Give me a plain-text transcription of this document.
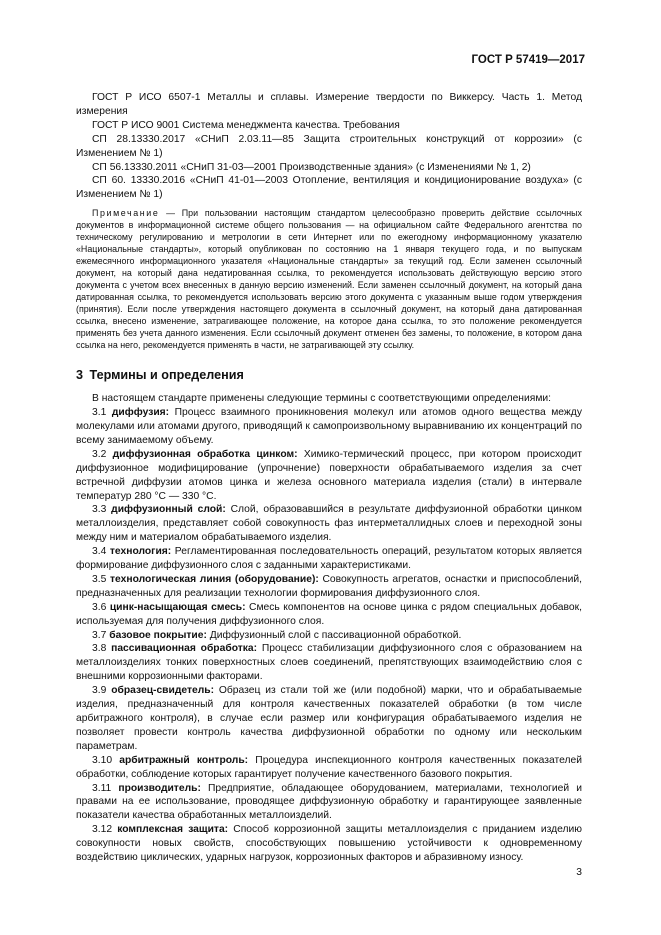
ГОСТ Р 57419—2017

ГОСТ Р ИСО 6507-1 Металлы и сплавы. Измерение твердости по Виккерсу. Часть 1. Метод измерения

ГОСТ Р ИСО 9001 Система менеджмента качества. Требования

СП 28.13330.2017 «СНиП 2.03.11—85 Защита строительных конструкций от коррозии» (с Изменением № 1)

СП 56.13330.2011 «СНиП 31-03—2001 Производственные здания» (с Изменениями № 1, 2)

СП 60. 13330.2016 «СНиП 41-01—2003 Отопление, вентиляция и кондиционирование воздуха» (с Изменением № 1)

Примечание — При пользовании настоящим стандартом целесообразно проверить действие ссылочных документов в информационной системе общего пользования — на официальном сайте Федерального агентства по техническому регулированию и метрологии в сети Интернет или по ежегодному информационному указателю «Национальные стандарты», который опубликован по состоянию на 1 января текущего года, и по выпускам ежемесячного информационного указателя «Национальные стандарты» за текущий год. Если заменен ссылочный документ, на который дана недатированная ссылка, то рекомендуется использовать действующую версию этого документа с учетом всех внесенных в данную версию изменений. Если заменен ссылочный документ, на который дана датированная ссылка, то рекомендуется использовать версию этого документа с указанным выше годом утверждения (принятия). Если после утверждения настоящего документа в ссылочный документ, на который дана датированная ссылка, внесено изменение, затрагивающее положение, на которое дана ссылка, то это положение рекомендуется применять без учета данного изменения. Если ссылочный документ отменен без замены, то положение, в котором дана ссылка на него, рекомендуется применять в части, не затрагивающей эту ссылку.

3 Термины и определения

В настоящем стандарте применены следующие термины с соответствующими определениями:

3.1 диффузия: Процесс взаимного проникновения молекул или атомов одного вещества между молекулами или атомами другого, приводящий к самопроизвольному выравниванию их концентраций по всему занимаемому объему.

3.2 диффузионная обработка цинком: Химико-термический процесс, при котором происходит диффузионное модифицирование (упрочнение) поверхности обрабатываемого изделия за счет встречной диффузии атомов цинка и железа основного материала изделия (стали) в интервале температур 280 °С — 330 °С.

3.3 диффузионный слой: Слой, образовавшийся в результате диффузионной обработки цинком металлоизделия, представляет собой совокупность фаз интерметаллидных слоев и переходной зоны между ним и материалом обрабатываемого изделия.

3.4 технология: Регламентированная последовательность операций, результатом которых является формирование диффузионного слоя с заданными характеристиками.

3.5 технологическая линия (оборудование): Совокупность агрегатов, оснастки и приспособлений, предназначенных для реализации технологии формирования диффузионного слоя.

3.6 цинк-насыщающая смесь: Смесь компонентов на основе цинка с рядом специальных добавок, используемая для получения диффузионного слоя.

3.7 базовое покрытие: Диффузионный слой с пассивационной обработкой.

3.8 пассивационная обработка: Процесс стабилизации диффузионного слоя с образованием на металлоизделиях тонких поверхностных слоев соединений, препятствующих взаимодействию слоя с внешними коррозионными факторами.

3.9 образец-свидетель: Образец из стали той же (или подобной) марки, что и обрабатываемые изделия, предназначенный для контроля качественных показателей обработки (в том числе арбитражного контроля), в случае если размер или конфигурация обрабатываемого изделия не позволяет провести контроль качества диффузионной обработки по одному или нескольким параметрам.

3.10 арбитражный контроль: Процедура инспекционного контроля качественных показателей обработки, соблюдение которых гарантирует получение качественного базового покрытия.

3.11 производитель: Предприятие, обладающее оборудованием, материалами, технологией и правами на ее использование, проводящее диффузионную обработку и гарантирующее заявленные показатели качества обработанных металлоизделий.

3.12 комплексная защита: Способ коррозионной защиты металлоизделия с приданием изделию совокупности новых свойств, способствующих повышению устойчивости к одновременному воздействию циклических, ударных нагрузок, коррозионных факторов и абразивному износу.

3
